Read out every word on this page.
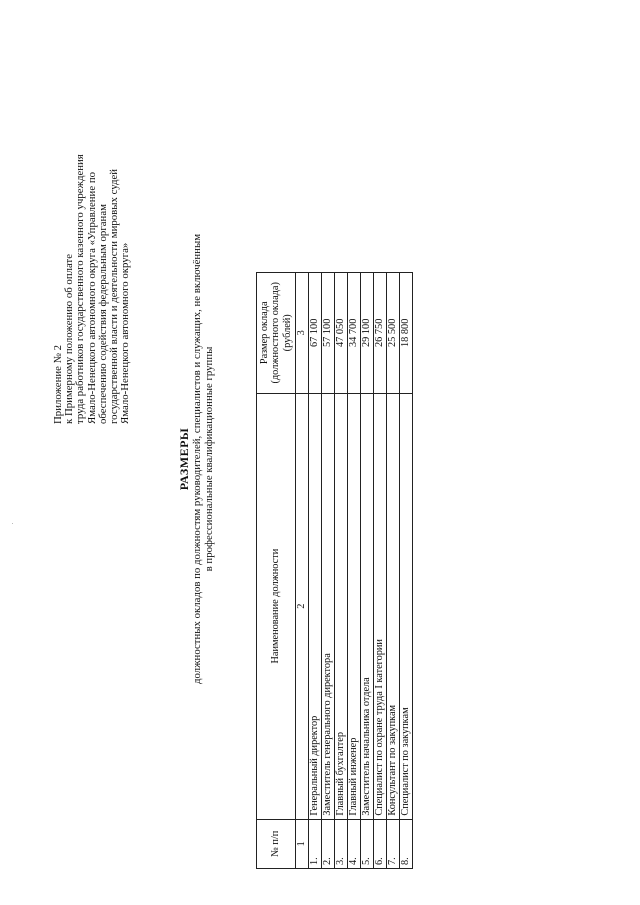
Приложение № 2 к Примерному положению об оплате труда работников государственного казенного учреждения Ямало-Ненецкого автономного округа «Управление по обеспечению содействия федеральным органам государственной власти и деятельности мировых судей Ямало-Ненецкого автономного округа»
РАЗМЕРЫ должностных окладов по должностям руководителей, специалистов и служащих, не включённым в профессиональные квалификационные группы
№ п/п	Наименование должности	Размер оклада (должностного оклада) (рублей)
1	2	3
1.	Генеральный директор	67 100
2.	Заместитель генерального директора	57 100
3.	Главный бухгалтер	47 050
4.	Главный инженер	34 700
5.	Заместитель начальника отдела	29 100
6.	Специалист по охране труда I категории	26 750
7.	Консультант по закупкам	25 500
8.	Специалист по закупкам	18 800
